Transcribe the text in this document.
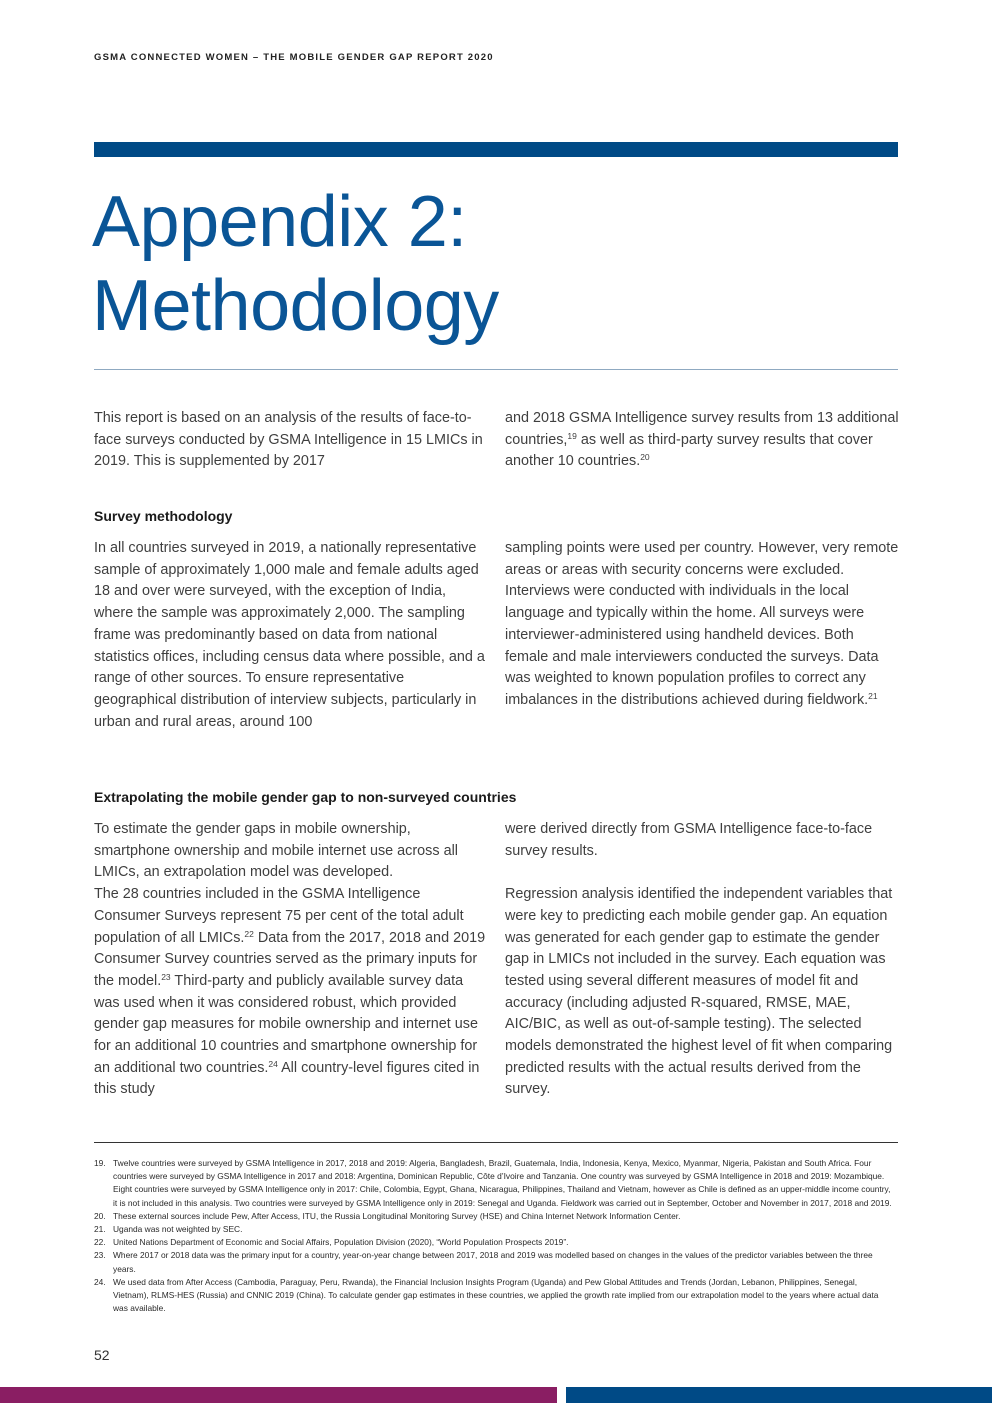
GSMA CONNECTED WOMEN – THE MOBILE GENDER GAP REPORT 2020
Appendix 2:
Methodology

This report is based on an analysis of the results of face-to-face surveys conducted by GSMA Intelligence in 15 LMICs in 2019. This is supplemented by 2017

and 2018 GSMA Intelligence survey results from 13 additional countries,$^{19}$ as well as third-party survey results that cover another 10 countries.$^{20}$

Survey methodology

In all countries surveyed in 2019, a nationally representative sample of approximately 1,000 male and female adults aged 18 and over were surveyed, with the exception of India, where the sample was approximately 2,000. The sampling frame was predominantly based on data from national statistics offices, including census data where possible, and a range of other sources. To ensure representative geographical distribution of interview subjects, particularly in urban and rural areas, around 100

sampling points were used per country. However, very remote areas or areas with security concerns were excluded. Interviews were conducted with individuals in the local language and typically within the home. All surveys were interviewer-administered using handheld devices. Both female and male interviewers conducted the surveys. Data was weighted to known population profiles to correct any imbalances in the distributions achieved during fieldwork.$^{21}$

Extrapolating the mobile gender gap to non-surveyed countries
To estimate the gender gaps in mobile ownership, smartphone ownership and mobile internet use across all LMICs, an extrapolation model was developed.
The 28 countries included in the GSMA Intelligence Consumer Surveys represent 75 per cent of the total adult population of all LMICs.$^{22}$ Data from the 2017, 2018 and 2019 Consumer Survey countries served as the primary inputs for the model.$^{23}$ Third-party and publicly available survey data was used when it was considered robust, which provided gender gap measures for mobile ownership and internet use for an additional 10 countries and smartphone ownership for an additional two countries.$^{24}$ All country-level figures cited in this study
were derived directly from GSMA Intelligence face-to-face survey results.
Regression analysis identified the independent variables that were key to predicting each mobile gender gap. An equation was generated for each gender gap to estimate the gender gap in LMICs not included in the survey. Each equation was tested using several different measures of model fit and accuracy (including adjusted R-squared, RMSE, MAE, AIC/BIC, as well as out-of-sample testing). The selected models demonstrated the highest level of fit when comparing predicted results with the actual results derived from the survey.
19. Twelve countries were surveyed by GSMA Intelligence in 2017, 2018 and 2019: Algeria, Bangladesh, Brazil, Guatemala, India, Indonesia, Kenya, Mexico, Myanmar, Nigeria, Pakistan and South Africa. Four countries were surveyed by GSMA Intelligence in 2017 and 2018: Argentina, Dominican Republic, Côte d’Ivoire and Tanzania. One country was surveyed by GSMA Intelligence in 2018 and 2019: Mozambique. Eight countries were surveyed by GSMA Intelligence only in 2017: Chile, Colombia, Egypt, Ghana, Nicaragua, Philippines, Thailand and Vietnam, however as Chile is defined as an upper-middle income country, it is not included in this analysis. Two countries were surveyed by GSMA Intelligence only in 2019: Senegal and Uganda. Fieldwork was carried out in September, October and November in 2017, 2018 and 2019.
20. These external sources include Pew, After Access, ITU, the Russia Longitudinal Monitoring Survey (HSE) and China Internet Network Information Center.
21. Uganda was not weighted by SEC.
22. United Nations Department of Economic and Social Affairs, Population Division (2020), “World Population Prospects 2019”.
23. Where 2017 or 2018 data was the primary input for a country, year-on-year change between 2017, 2018 and 2019 was modelled based on changes in the values of the predictor variables between the three years.
24. We used data from After Access (Cambodia, Paraguay, Peru, Rwanda), the Financial Inclusion Insights Program (Uganda) and Pew Global Attitudes and Trends (Jordan, Lebanon, Philippines, Senegal, Vietnam), RLMS-HES (Russia) and CNNIC 2019 (China). To calculate gender gap estimates in these countries, we applied the growth rate implied from our extrapolation model to the years where actual data was available.
52
